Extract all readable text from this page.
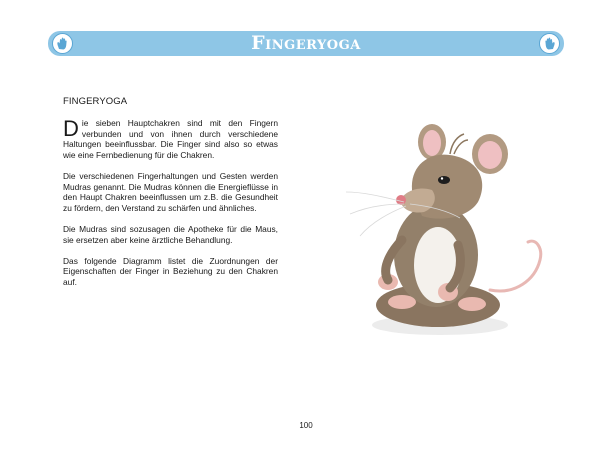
Fingeryoga
FINGERYOGA

Die sieben Hauptchakren sind mit den Fingern verbunden und von ihnen durch verschiedene Haltungen beeinflussbar. Die Finger sind also so etwas wie eine Fernbedienung für die Chakren.

Die verschiedenen Fingerhaltungen und Gesten werden Mudras genannt. Die Mudras können die Energieflüsse in den Haupt Chakren beeinflussen um z.B. die Gesundheit zu fördern, den Verstand zu schärfen und ähnliches.

Die Mudras sind sozusagen die Apotheke für die Maus, sie ersetzen aber keine ärztliche Behandlung.

Das folgende Diagramm listet die Zuordnungen der Eigenschaften der Finger in Beziehung zu den Chakren auf.

100
